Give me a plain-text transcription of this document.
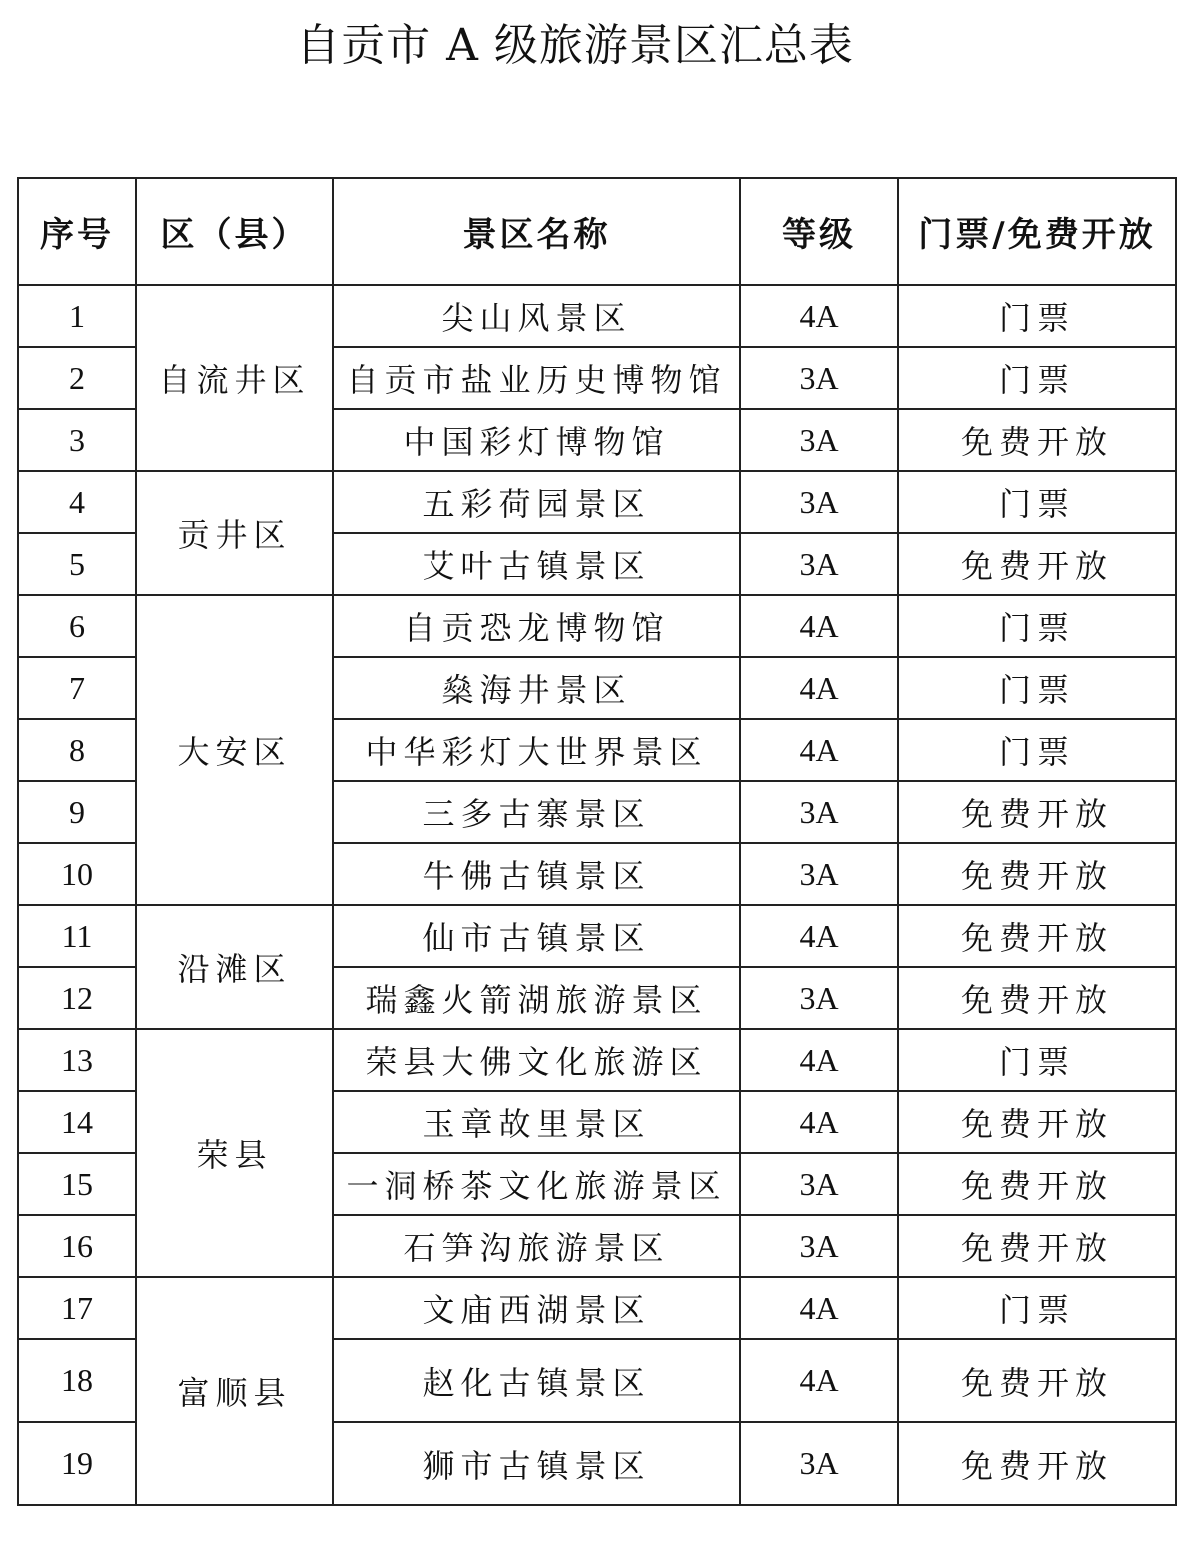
自贡市 A 级旅游景区汇总表
序号	区（县）	景区名称	等级	门票/免费开放
1	自流井区	尖山风景区	4A	门票
2		自贡市盐业历史博物馆	3A	门票
3		中国彩灯博物馆	3A	免费开放
4	贡井区	五彩荷园景区	3A	门票
5		艾叶古镇景区	3A	免费开放
6	大安区	自贡恐龙博物馆	4A	门票
7		燊海井景区	4A	门票
8		中华彩灯大世界景区	4A	门票
9		三多古寨景区	3A	免费开放
10		牛佛古镇景区	3A	免费开放
11	沿滩区	仙市古镇景区	4A	免费开放
12		瑞鑫火箭湖旅游景区	3A	免费开放
13	荣县	荣县大佛文化旅游区	4A	门票
14		玉章故里景区	4A	免费开放
15		一洞桥茶文化旅游景区	3A	免费开放
16		石笋沟旅游景区	3A	免费开放
17	富顺县	文庙西湖景区	4A	门票
18		赵化古镇景区	4A	免费开放
19		狮市古镇景区	3A	免费开放
